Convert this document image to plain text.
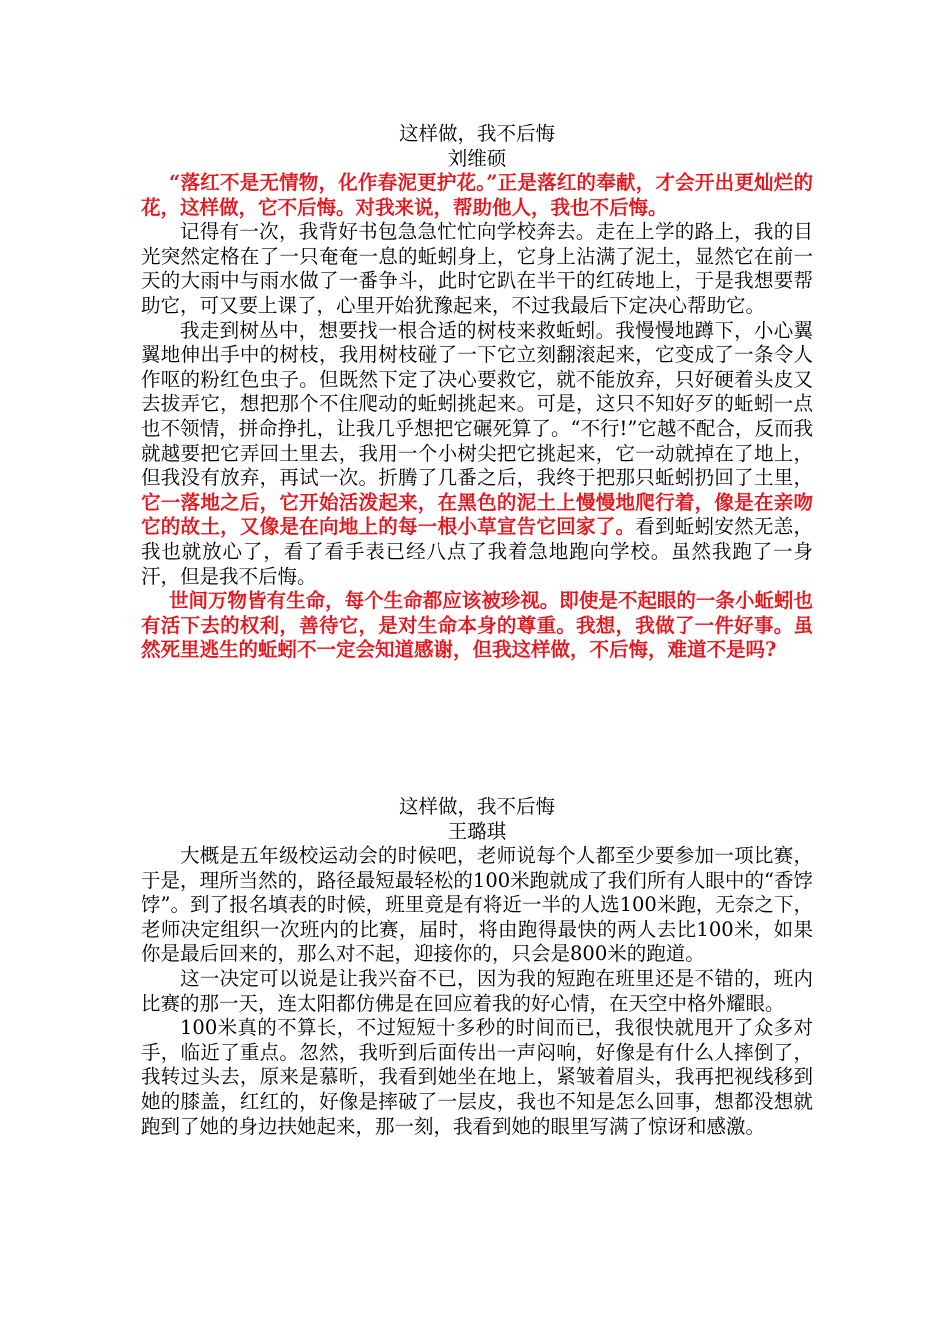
这样做，我不后悔
刘维硕

“落红不是无情物，化作春泥更护花。”正是落红的奉献，才会开出更灿烂的花，这样做，它不后悔。对我来说，帮助他人，我也不后悔。

记得有一次，我背好书包急急忙忙向学校奔去。走在上学的路上，我的目光突然定格在了一只奄奄一息的蚯蚓身上，它身上沾满了泥土，显然它在前一天的大雨中与雨水做了一番争斗，此时它趴在半干的红砖地上，于是我想要帮助它，可又要上课了，心里开始犹豫起来，不过我最后下定决心帮助它。

我走到树丛中，想要找一根合适的树枝来救蚯蚓。我慢慢地蹲下，小心翼翼地伸出手中的树枝，我用树枝碰了一下它立刻翻滚起来，它变成了一条令人作呕的粉红色虫子。但既然下定了决心要救它，就不能放弃，只好硬着头皮又去拔弄它，想把那个不住爬动的蚯蚓挑起来。可是，这只不知好歹的蚯蚓一点也不领情，拼命挣扎，让我几乎想把它碾死算了。“不行!”它越不配合，反而我就越要把它弄回土里去，我用一个小树尖把它挑起来，它一动就掉在了地上，但我没有放弃，再试一次。折腾了几番之后，我终于把那只蚯蚓扔回了土里，它一落地之后，它开始活泼起来，在黑色的泥土上慢慢地爬行着，像是在亲吻它的故土，又像是在向地上的每一根小草宣告它回家了。看到蚯蚓安然无恙，我也就放心了，看了看手表已经八点了我着急地跑向学校。虽然我跑了一身汗，但是我不后悔。

世间万物皆有生命，每个生命都应该被珍视。即使是不起眼的一条小蚯蚓也有活下去的权利，善待它，是对生命本身的尊重。我想，我做了一件好事。虽然死里逃生的蚯蚓不一定会知道感谢，但我这样做，不后悔，难道不是吗?

这样做，我不后悔
王璐琪

大概是五年级校运动会的时候吧，老师说每个人都至少要参加一项比赛，于是，理所当然的，路径最短最轻松的100米跑就成了我们所有人眼中的“香饽饽”。到了报名填表的时候，班里竟是有将近一半的人选100米跑，无奈之下，老师决定组织一次班内的比赛，届时，将由跑得最快的两人去比100米，如果你是最后回来的，那么对不起，迎接你的，只会是800米的跑道。

这一决定可以说是让我兴奋不已，因为我的短跑在班里还是不错的，班内比赛的那一天，连太阳都仿佛是在回应着我的好心情，在天空中格外耀眼。

100米真的不算长，不过短短十多秒的时间而已，我很快就甩开了众多对手，临近了重点。忽然，我听到后面传出一声闷响，好像是有什么人摔倒了，我转过头去，原来是慕昕，我看到她坐在地上，紧皱着眉头，我再把视线移到她的膝盖，红红的，好像是摔破了一层皮，我也不知是怎么回事，想都没想就跑到了她的身边扶她起来，那一刻，我看到她的眼里写满了惊讶和感激。
